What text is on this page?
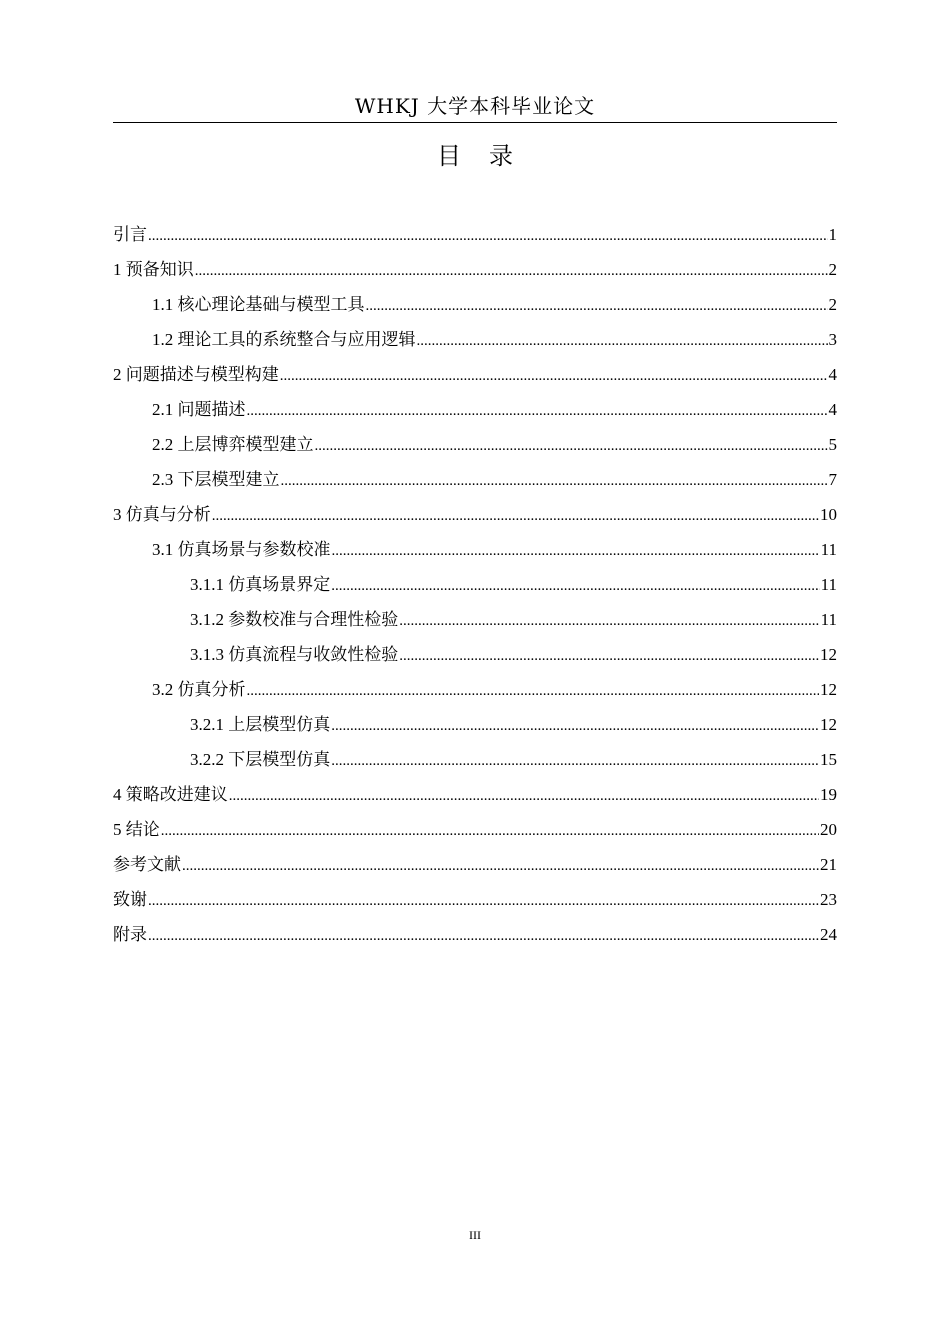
WHKJ 大学本科毕业论文
目录
引言 .....	1
1 预备知识 .....	2
1.1 核心理论基础与模型工具 .....	2
1.2 理论工具的系统整合与应用逻辑 .....	3
2 问题描述与模型构建 .....	4
2.1 问题描述 .....	4
2.2 上层博弈模型建立 .....	5
2.3 下层模型建立 .....	7
3 仿真与分析 .....	10
3.1 仿真场景与参数校准 .....	11
3.1.1 仿真场景界定 .....	11
3.1.2 参数校准与合理性检验 .....	11
3.1.3 仿真流程与收敛性检验 .....	12
3.2 仿真分析 .....	12
3.2.1 上层模型仿真 .....	12
3.2.2 下层模型仿真 .....	15
4 策略改进建议 .....	19
5 结论 .....	20
参考文献 .....	21
致谢 .....	23
附录 .....	24
III
